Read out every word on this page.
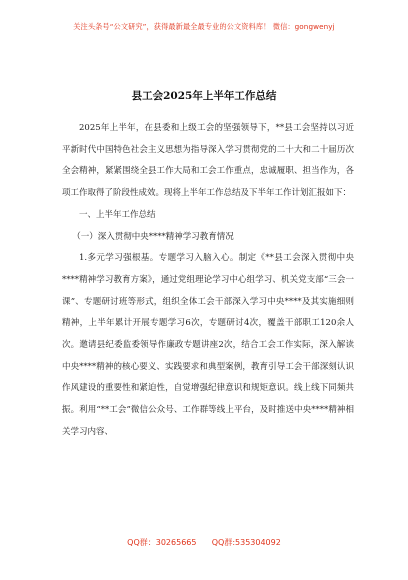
关注头条号“公文研究”，获得最新最全最专业的公文资料库！ 微信：gongwenyj
县工会2025年上半年工作总结

2025年上半年，在县委和上级工会的坚强领导下，**县工会坚持以习近平新时代中国特色社会主义思想为指导深入学习贯彻党的二十大和二十届历次全会精神，紧紧围绕全县工作大局和工会工作重点，忠诚履职、担当作为，各项工作取得了阶段性成效。现将上半年工作总结及下半年工作计划汇报如下：

一、上半年工作总结

（一）深入贯彻中央****精神学习教育情况

1.多元学习强根基。专题学习入脑入心。制定《**县工会深入贯彻中央****精神学习教育方案》，通过党组理论学习中心组学习、机关党支部“三会一课”、专题研讨班等形式，组织全体工会干部深入学习中央****及其实施细则精神，上半年累计开展专题学习6次，专题研讨4次，覆盖干部职工120余人次。邀请县纪委监委领导作廉政专题讲座2次，结合工会工作实际，深入解读中央****精神的核心要义、实践要求和典型案例，教育引导工会干部深刻认识作风建设的重要性和紧迫性，自觉增强纪律意识和规矩意识。线上线下同频共振。利用“**工会”微信公众号、工作群等线上平台，及时推送中央****精神相关学习内容、

QQ群：30265665      QQ群:535304092
